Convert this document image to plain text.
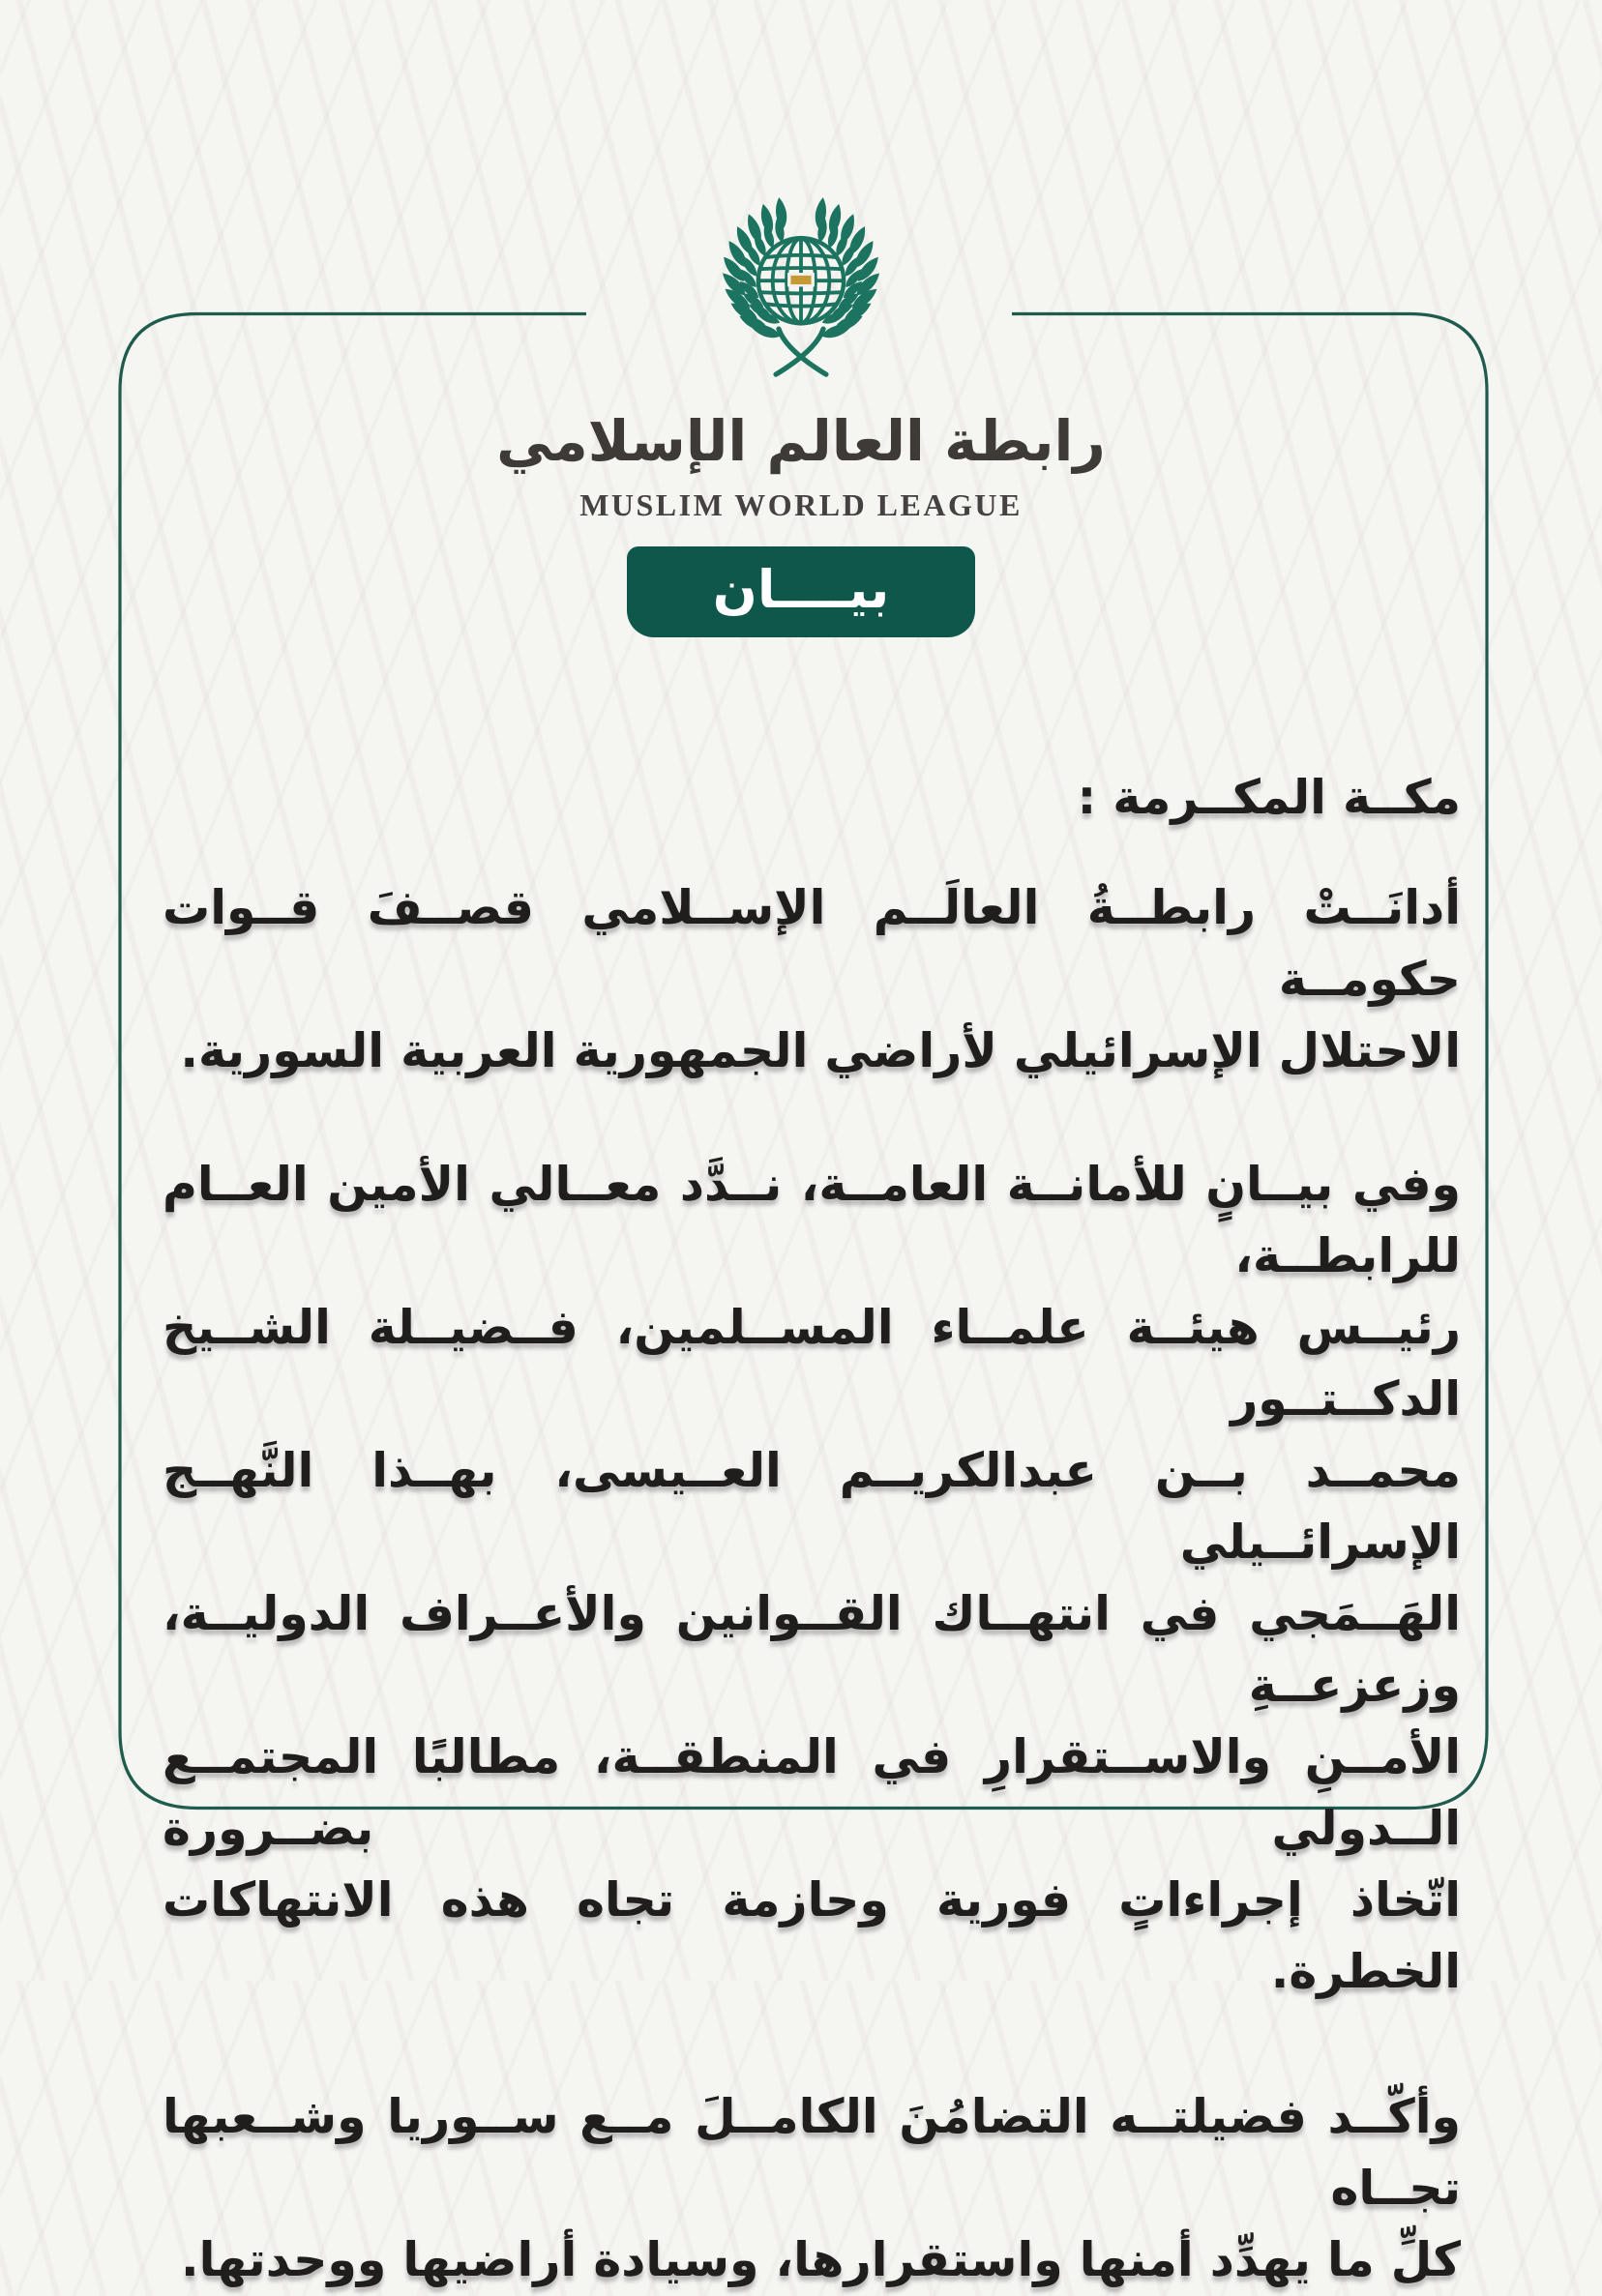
رابطة العالم الإسلامي
MUSLIM WORLD LEAGUE
بيــــان
مكــة المكــرمة :
أدانَــتْ رابطــةُ العالَــم الإســلامي قصــفَ قــوات حكومــة
الاحتلال الإسرائيلي لأراضي الجمهورية العربية السورية.
وفي بيــانٍ للأمانــة العامــة، نــدَّد معــالي الأمين العــام للرابطــة،
رئيــس هيئــة علمــاء المســلمين، فــضيــلة الشــيخ الدكــتــور
محمــد بــن عبدالكريــم العــيسى، بهــذا النَّهــج الإسرائــيلي
الهَــمَجي في انتهــاك القــوانين والأعــراف الدوليــة، وزعزعــةِ
الأمــنِ والاســتقرارِ في المنطقــة، مطالبًا المجتمــع الــدولي بضــرورة
اتّخاذ إجراءاتٍ فورية وحازمة تجاه هذه الانتهاكات الخطرة.
وأكّــد فضيلتــه التضامُنَ الكامــلَ مــع ســوريا وشــعبها تجــاه
كلِّ ما يهدِّد أمنها واستقرارها، وسيادة أراضيها ووحدتها.
